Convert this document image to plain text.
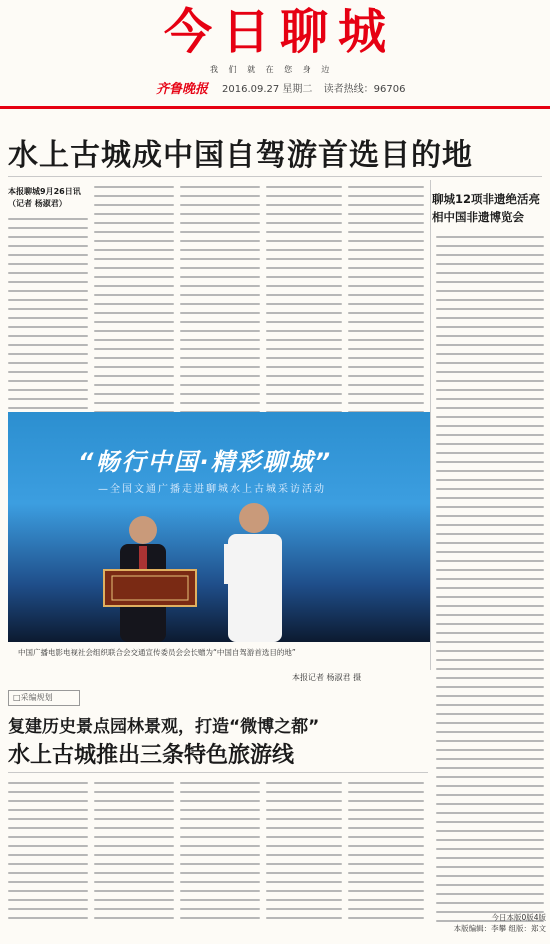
今日聊城
我 们 就 在 您 身 边
齐鲁晚报 2016.09.27 星期二 读者热线：96706
水上古城成中国自驾游首选目的地
本报聊城9月26日讯（记者 杨淑君）	聊城12项非遗绝活亮相中国非遗博览会
“畅行中国·精彩聊城”
—全国文通广播走进聊城水上古城采访活动
中国广播电影电视社会组织联合会交通宣传委员会会长赠为“中国自驾游首选目的地”
本报记者 杨淑君 摄
□采编规划
复建历史景点园林景观，打造“微博之都”
水上古城推出三条特色旅游线
今日本版0版4版
本版编辑：李攀 组版：郑文
